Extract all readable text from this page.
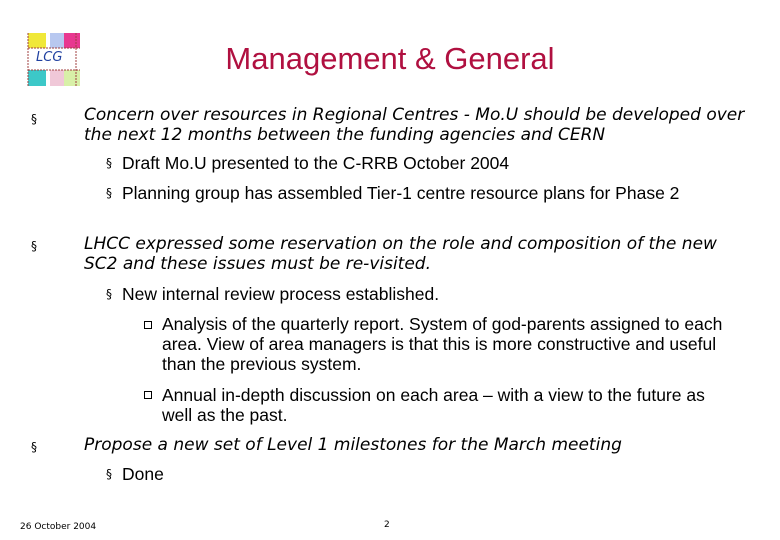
LCG	Management & General
§	Concern over resources in Regional Centres - Mo.U should be developed over the next 12 months between the funding agencies and CERN
§ Draft Mo.U presented to the C-RRB October 2004
§ Planning group has assembled Tier-1 centre resource plans for Phase 2
§	LHCC expressed some reservation on the role and composition of the new SC2 and these issues must be re-visited.
§ New internal review process established.
Analysis of the quarterly report. System of god-parents assigned to each area. View of area managers is that this is more constructive and useful than the previous system.
Annual in-depth discussion on each area – with a view to the future as well as the past.
§	Propose a new set of Level 1 milestones for the March meeting
§ Done
26 October 2004	2
